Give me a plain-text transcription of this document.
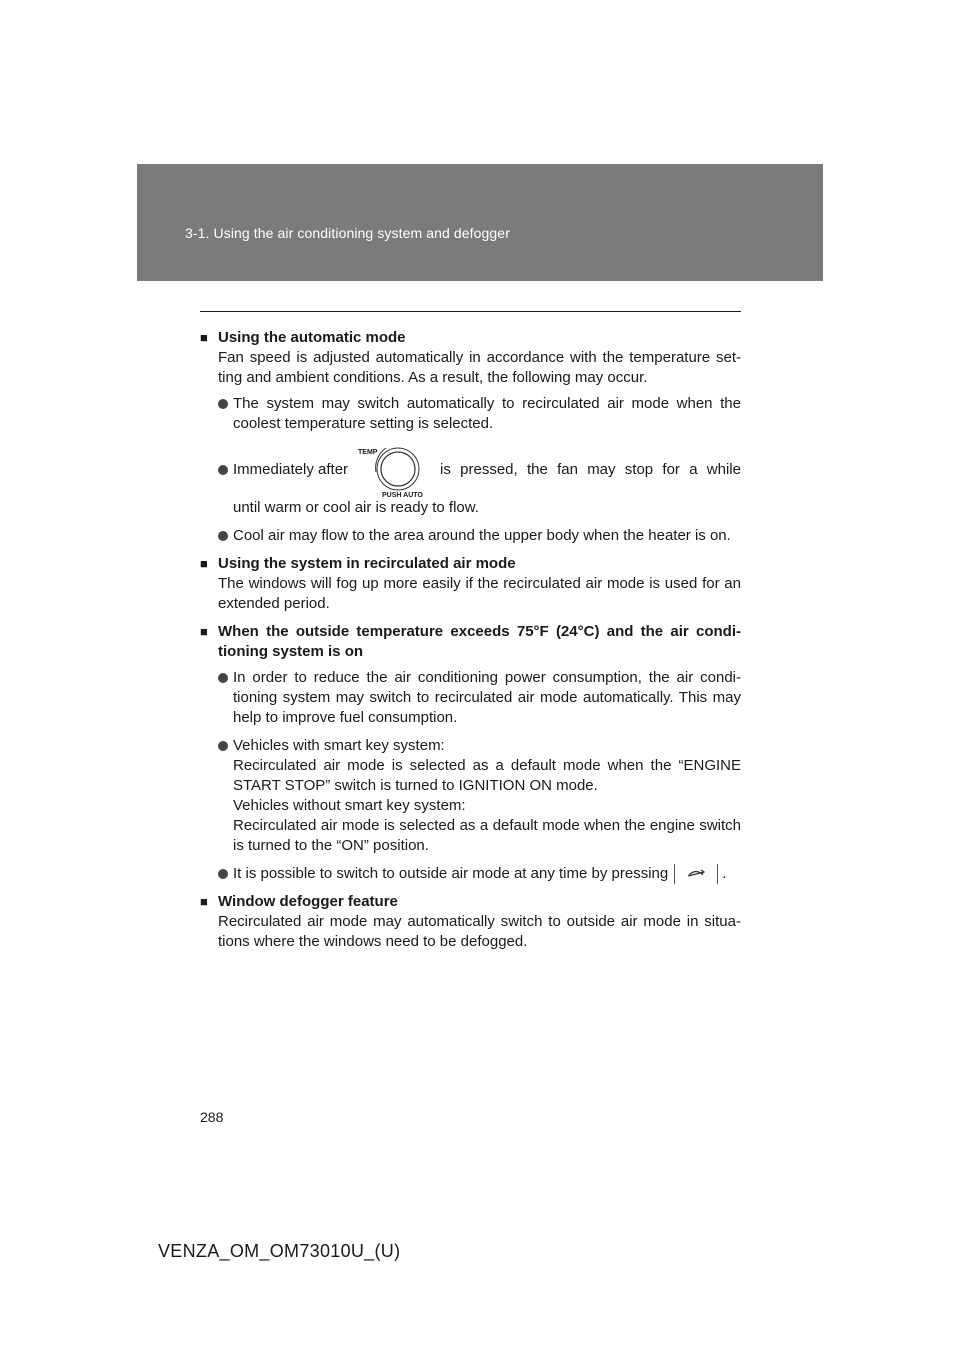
3-1. Using the air conditioning system and defogger
■ Using the automatic mode
Fan speed is adjusted automatically in accordance with the temperature set-ting and ambient conditions. As a result, the following may occur.
The system may switch automatically to recirculated air mode when the coolest temperature setting is selected.
Immediately after
TEMP
PUSH AUTO
is pressed, the fan may stop for a while
until warm or cool air is ready to flow.
Cool air may flow to the area around the upper body when the heater is on.
■ Using the system in recirculated air mode
The windows will fog up more easily if the recirculated air mode is used for an extended period.
■ When the outside temperature exceeds 75°F (24°C) and the air condi-
tioning system is on
In order to reduce the air conditioning power consumption, the air condi-tioning system may switch to recirculated air mode automatically. This may help to improve fuel consumption.
Vehicles with smart key system:
Recirculated air mode is selected as a default mode when the “ENGINE START STOP” switch is turned to IGNITION ON mode.
Vehicles without smart key system:
Recirculated air mode is selected as a default mode when the engine switch is turned to the “ON” position.
It is possible to switch to outside air mode at any time by pressing	.
■ Window defogger feature
Recirculated air mode may automatically switch to outside air mode in situa-tions where the windows need to be defogged.
288
VENZA_OM_OM73010U_(U)
